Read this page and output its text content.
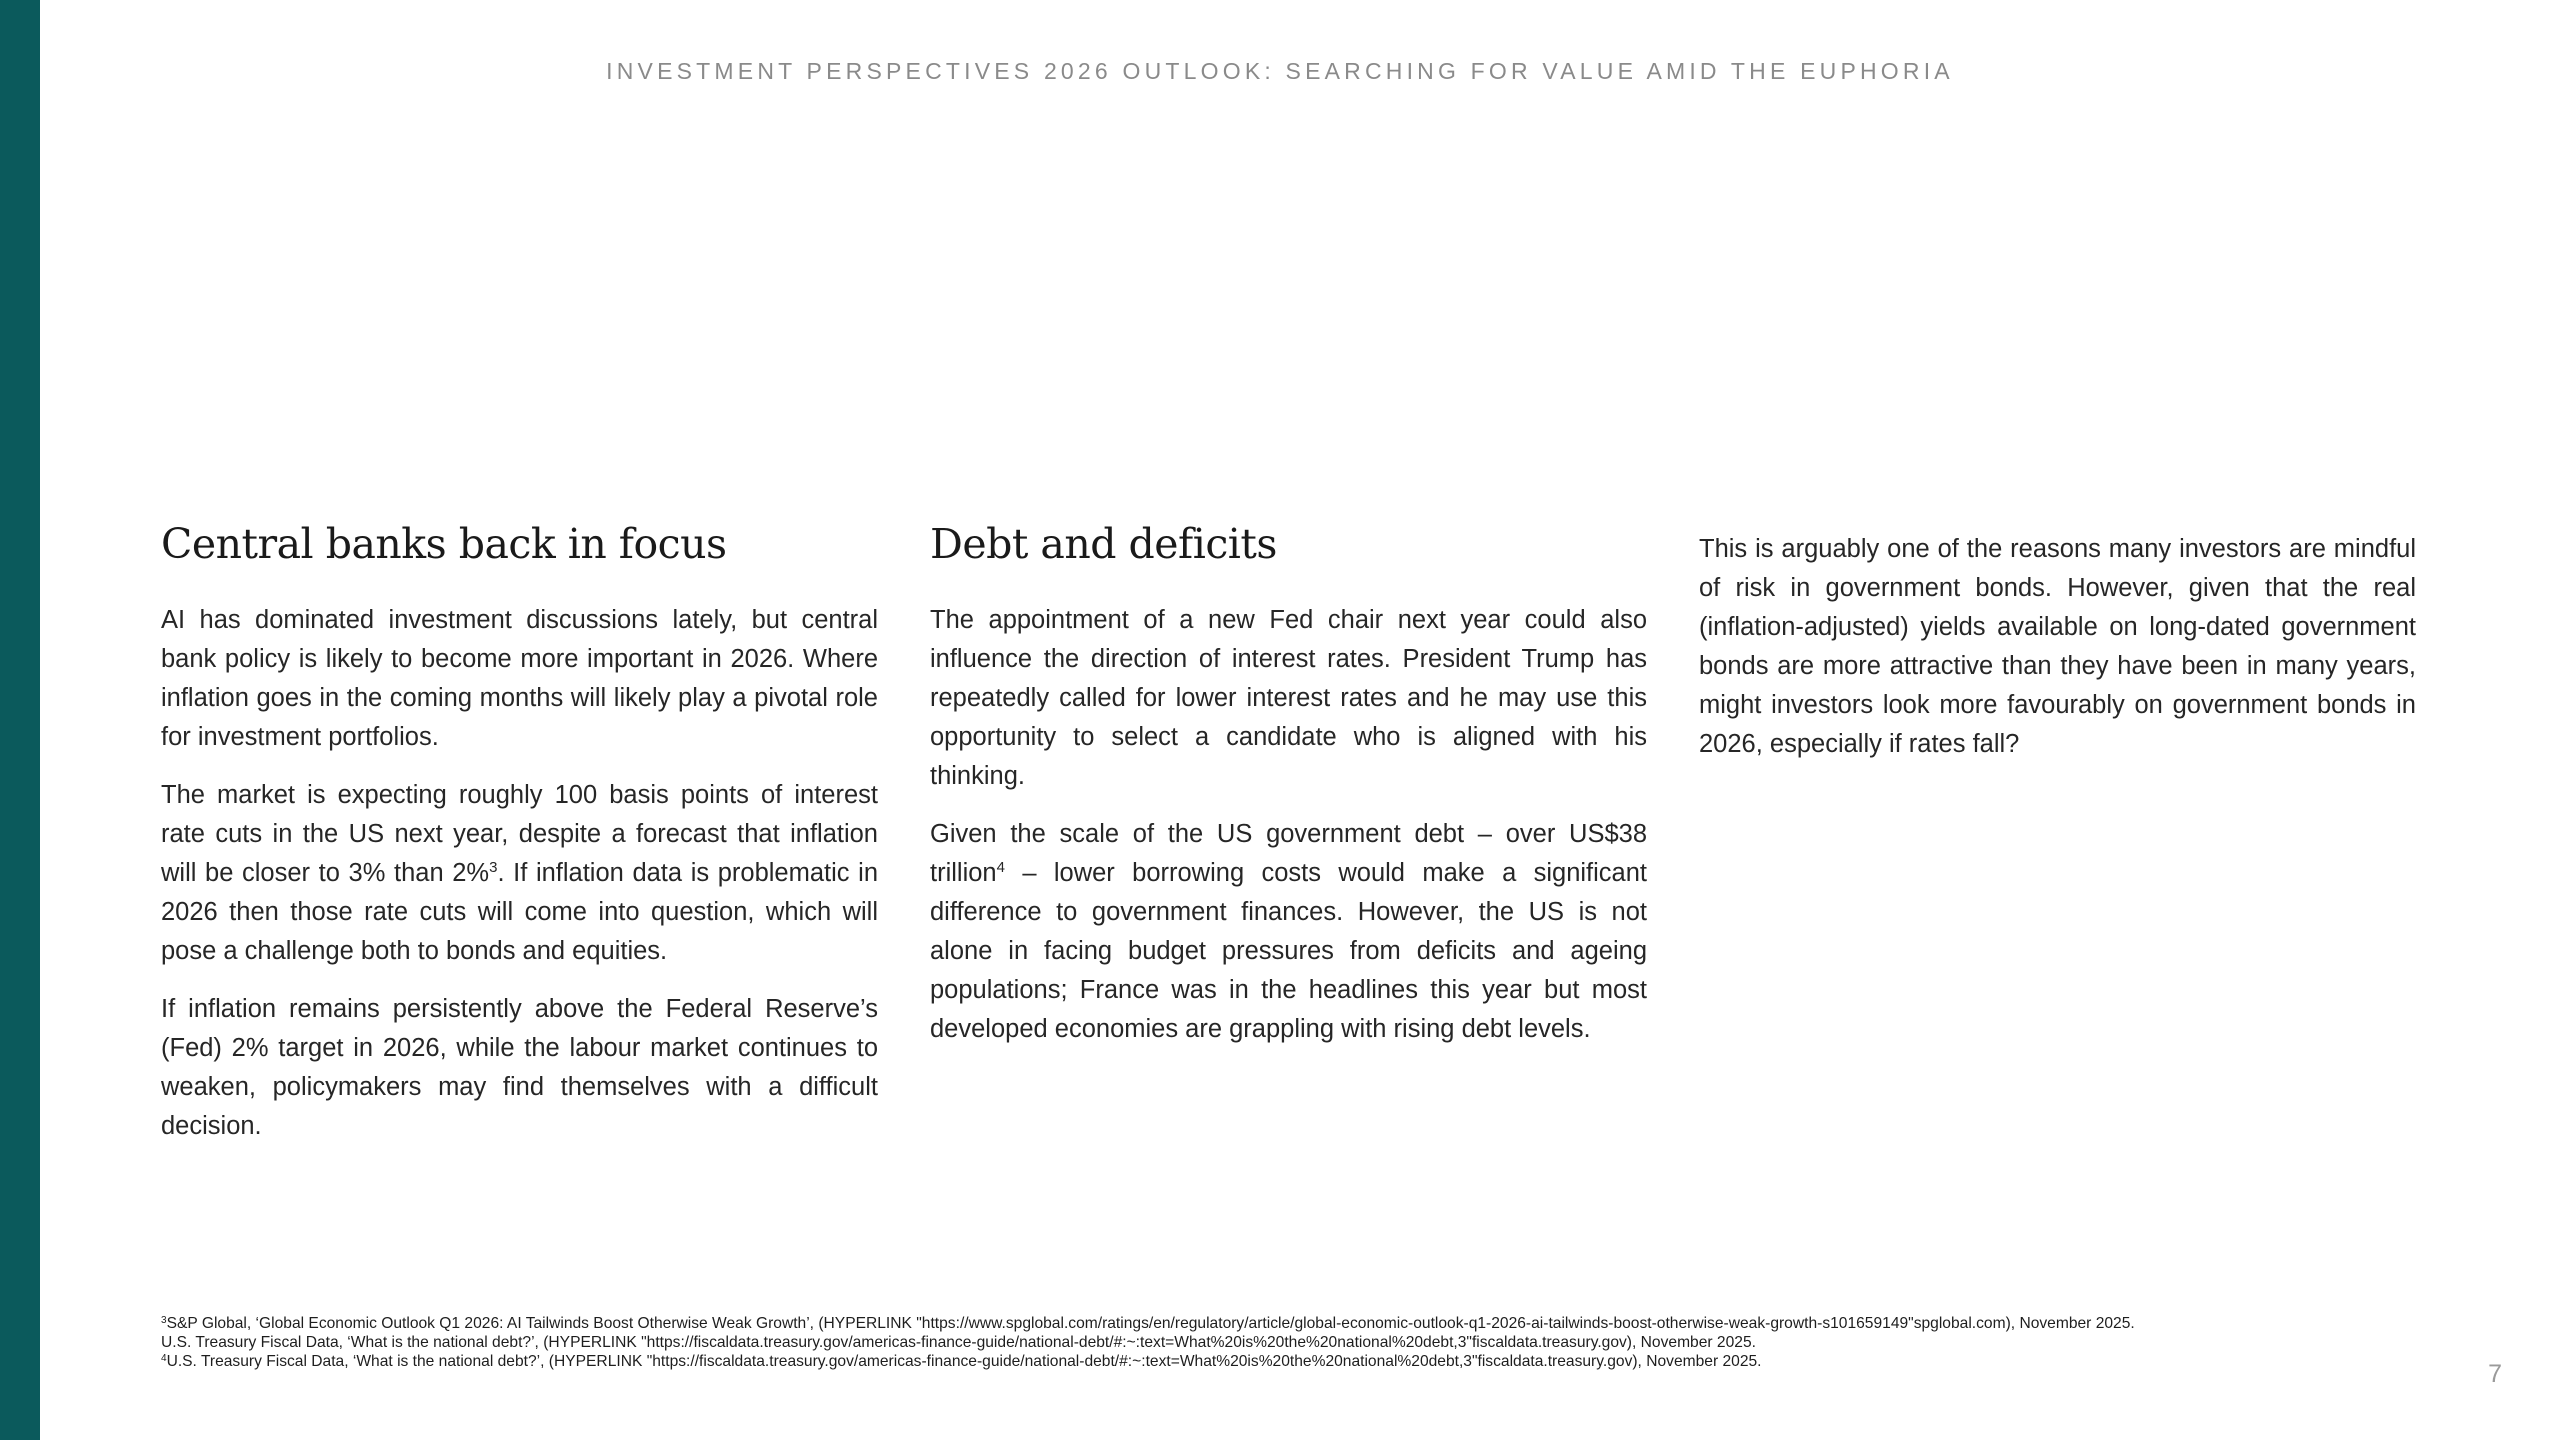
INVESTMENT PERSPECTIVES 2026 OUTLOOK: SEARCHING FOR VALUE AMID THE EUPHORIA
Central banks back in focus

AI has dominated investment discussions lately, but central bank policy is likely to become more important in 2026. Where inflation goes in the coming months will likely play a pivotal role for investment portfolios.

The market is expecting roughly 100 basis points of interest rate cuts in the US next year, despite a forecast that inflation will be closer to 3% than 2%$^3$. If inflation data is problematic in 2026 then those rate cuts will come into question, which will pose a challenge both to bonds and equities.

If inflation remains persistently above the Federal Reserve’s (Fed) 2% target in 2026, while the labour market continues to weaken, policymakers may find themselves with a difficult decision.

Debt and deficits

The appointment of a new Fed chair next year could also influence the direction of interest rates. President Trump has repeatedly called for lower interest rates and he may use this opportunity to select a candidate who is aligned with his thinking.

Given the scale of the US government debt – over US$38 trillion$^4$ – lower borrowing costs would make a significant difference to government finances. However, the US is not alone in facing budget pressures from deficits and ageing populations; France was in the headlines this year but most developed economies are grappling with rising debt levels.

This is arguably one of the reasons many investors are mindful of risk in government bonds. However, given that the real (inflation-adjusted) yields available on long-dated government bonds are more attractive than they have been in many years, might investors look more favourably on government bonds in 2026, especially if rates fall?

$^3$S&P Global, ‘Global Economic Outlook Q1 2026: AI Tailwinds Boost Otherwise Weak Growth’, (HYPERLINK "https://www.spglobal.com/ratings/en/regulatory/article/global-economic-outlook-q1-2026-ai-tailwinds-boost-otherwise-weak-growth-s101659149"spglobal.com), November 2025.
U.S. Treasury Fiscal Data, ‘What is the national debt?’, (HYPERLINK "https://fiscaldata.treasury.gov/americas-finance-guide/national-debt/#:~:text=What%20is%20the%20national%20debt,3"fiscaldata.treasury.gov), November 2025.
$^4$U.S. Treasury Fiscal Data, ‘What is the national debt?’, (HYPERLINK "https://fiscaldata.treasury.gov/americas-finance-guide/national-debt/#:~:text=What%20is%20the%20national%20debt,3"fiscaldata.treasury.gov), November 2025.	7
